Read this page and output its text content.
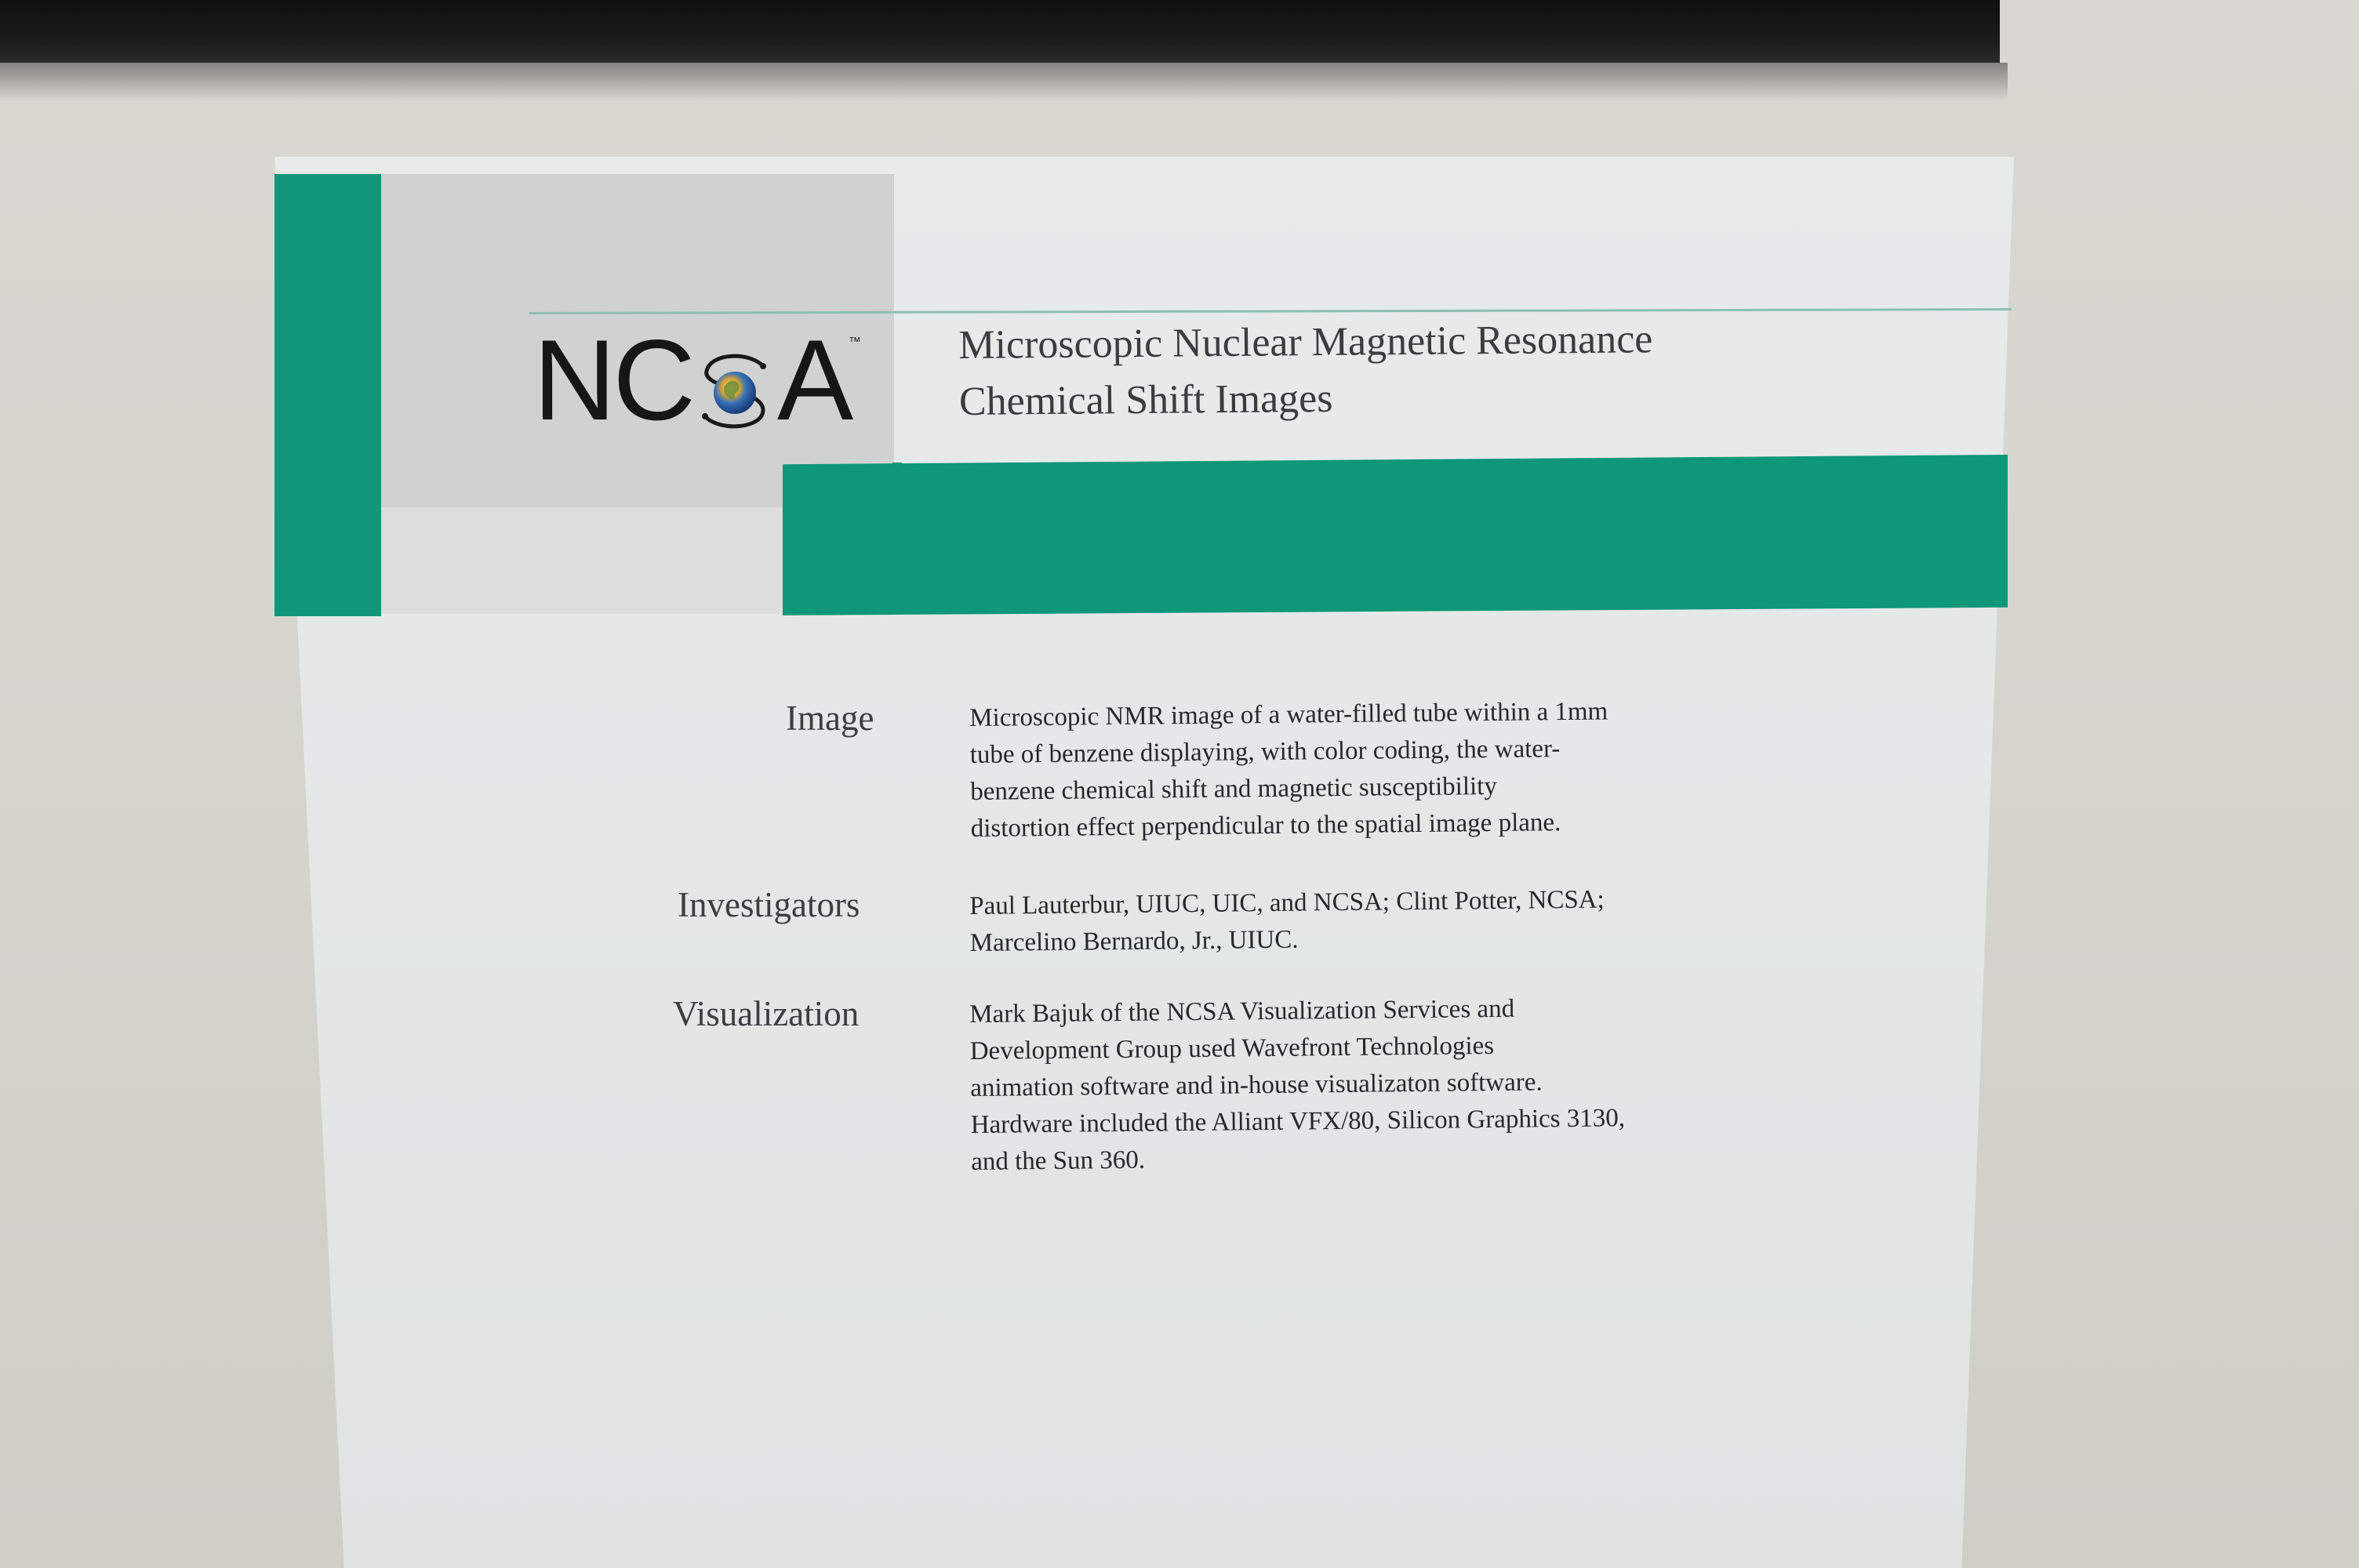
NC A
™ Microscopic Nuclear Magnetic Resonance
Chemical Shift Images
Image	Microscopic NMR image of a water-filled tube within a 1mm
tube of benzene displaying, with color coding, the water-
benzene chemical shift and magnetic susceptibility
distortion effect perpendicular to the spatial image plane.
Investigators	Paul Lauterbur, UIUC, UIC, and NCSA; Clint Potter, NCSA;
Marcelino Bernardo, Jr., UIUC.
Visualization	Mark Bajuk of the NCSA Visualization Services and
Development Group used Wavefront Technologies
animation software and in-house visualizaton software.
Hardware included the Alliant VFX/80, Silicon Graphics 3130,
and the Sun 360.
